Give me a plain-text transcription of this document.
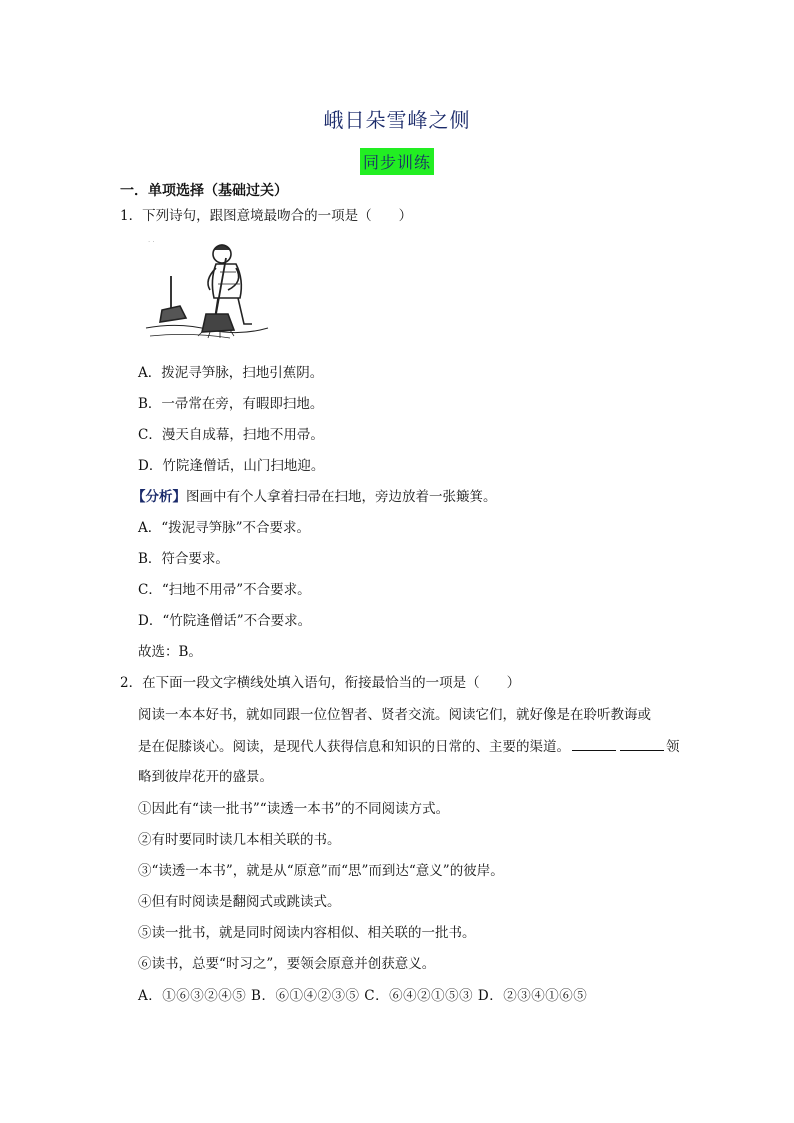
峨日朵雪峰之侧
同步训练
一．单项选择（基础过关）
1．下列诗句，跟图意境最吻合的一项是（　　）
· ·
A．拨泥寻笋脉，扫地引蕉阴。
B．一帚常在旁，有暇即扫地。
C．漫天自成幕，扫地不用帚。
D．竹院逢僧话，山门扫地迎。
【分析】图画中有个人拿着扫帚在扫地，旁边放着一张簸箕。
A．“拨泥寻笋脉”不合要求。
B．符合要求。
C．“扫地不用帚”不合要求。
D．“竹院逢僧话”不合要求。
故选：B。
2．在下面一段文字横线处填入语句，衔接最恰当的一项是（　　）
阅读一本本好书，就如同跟一位位智者、贤者交流。阅读它们，就好像是在聆听教诲或
是在促膝谈心。阅读，是现代人获得信息和知识的日常的、主要的渠道。	领
略到彼岸花开的盛景。
①因此有“读一批书”“读透一本书”的不同阅读方式。
②有时要同时读几本相关联的书。
③“读透一本书”，就是从“原意”而“思”而到达“意义”的彼岸。
④但有时阅读是翻阅式或跳读式。
⑤读一批书，就是同时阅读内容相似、相关联的一批书。
⑥读书，总要“时习之”，要领会原意并创获意义。
A．①⑥③②④⑤ B．⑥①④②③⑤ C．⑥④②①⑤③ D．②③④①⑥⑤
